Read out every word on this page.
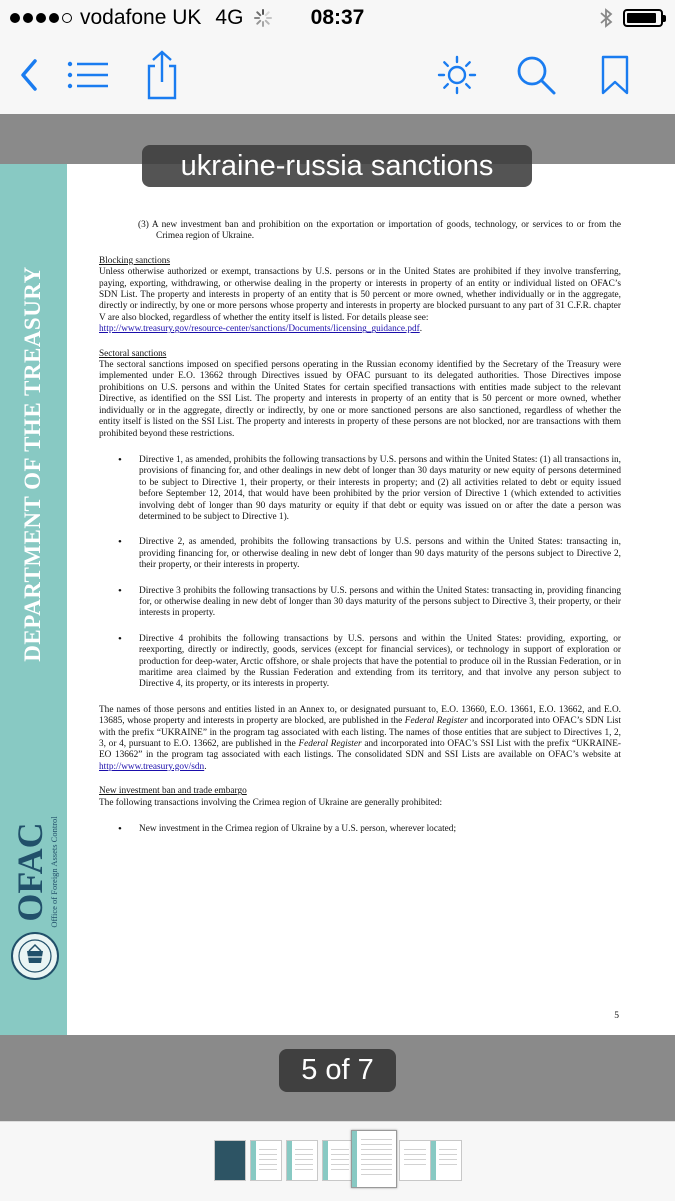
vodafone UK 4G	08:37
ukraine-russia sanctions
DEPARTMENT OF THE TREASURY
OFAC Office of Foreign Assets Control

(3) A new investment ban and prohibition on the exportation or importation of goods, technology, or services to or from the Crimea region of Ukraine.

Blocking sanctions

Unless otherwise authorized or exempt, transactions by U.S. persons or in the United States are prohibited if they involve transferring, paying, exporting, withdrawing, or otherwise dealing in the property or interests in property of an entity or individual listed on OFAC’s SDN List. The property and interests in property of an entity that is 50 percent or more owned, whether individually or in the aggregate, directly or indirectly, by one or more persons whose property and interests in property are blocked pursuant to any part of 31 C.F.R. chapter V are also blocked, regardless of whether the entity itself is listed. For details please see:
http://www.treasury.gov/resource-center/sanctions/Documents/licensing_guidance.pdf.

Sectoral sanctions

The sectoral sanctions imposed on specified persons operating in the Russian economy identified by the Secretary of the Treasury were implemented under E.O. 13662 through Directives issued by OFAC pursuant to its delegated authorities. Those Directives impose prohibitions on U.S. persons and within the United States for certain specified transactions with entities made subject to the relevant Directive, as identified on the SSI List. The property and interests in property of an entity that is 50 percent or more owned, whether individually or in the aggregate, directly or indirectly, by one or more sanctioned persons are also sanctioned, regardless of whether the entity itself is listed on the SSI List. The property and interests in property of these persons are not blocked, nor are transactions with them prohibited beyond these restrictions.

• Directive 1, as amended, prohibits the following transactions by U.S. persons and within the United States: (1) all transactions in, provisions of financing for, and other dealings in new debt of longer than 30 days maturity or new equity of persons determined to be subject to Directive 1, their property, or their interests in property; and (2) all activities related to debt or equity issued before September 12, 2014, that would have been prohibited by the prior version of Directive 1 (which extended to activities involving debt of longer than 90 days maturity or equity if that debt or equity was issued on or after the date a person was determined to be subject to Directive 1).
• Directive 2, as amended, prohibits the following transactions by U.S. persons and within the United States: transacting in, providing financing for, or otherwise dealing in new debt of longer than 90 days maturity of the persons subject to Directive 2, their property, or their interests in property.
• Directive 3 prohibits the following transactions by U.S. persons and within the United States: transacting in, providing financing for, or otherwise dealing in new debt of longer than 30 days maturity of the persons subject to Directive 3, their property, or their interests in property.
• Directive 4 prohibits the following transactions by U.S. persons and within the United States: providing, exporting, or reexporting, directly or indirectly, goods, services (except for financial services), or technology in support of exploration or production for deep-water, Arctic offshore, or shale projects that have the potential to produce oil in the Russian Federation, or in maritime area claimed by the Russian Federation and extending from its territory, and that involve any person subject to Directive 4, its property, or its interests in property.

The names of those persons and entities listed in an Annex to, or designated pursuant to, E.O. 13660, E.O. 13661, E.O. 13662, and E.O. 13685, whose property and interests in property are blocked, are published in the Federal Register and incorporated into OFAC’s SDN List with the prefix “UKRAINE” in the program tag associated with each listing. The names of those entities that are subject to Directives 1, 2, 3, or 4, pursuant to E.O. 13662, are published in the Federal Register and incorporated into OFAC’s SSI List with the prefix “UKRAINE-EO 13662” in the program tag associated with each listings. The consolidated SDN and SSI Lists are available on OFAC’s website at http://www.treasury.gov/sdn.

New investment ban and trade embargo

The following transactions involving the Crimea region of Ukraine are generally prohibited:

• New investment in the Crimea region of Ukraine by a U.S. person, wherever located;
5
5 of 7
